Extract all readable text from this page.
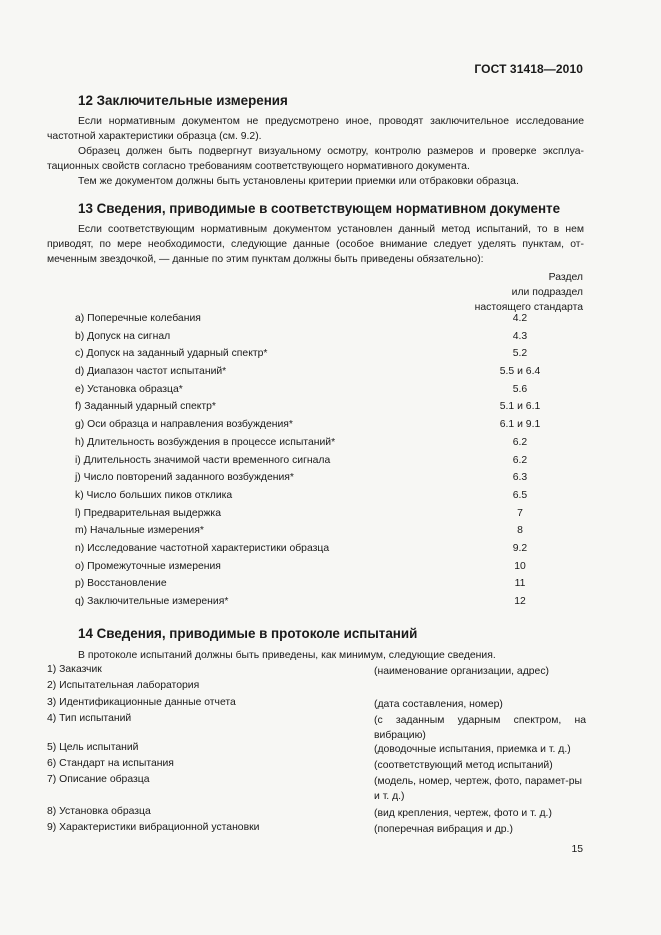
ГОСТ 31418—2010
12 Заключительные измерения

Если нормативным документом не предусмотрено иное, проводят заключительное исследование частотной характеристики образца (см. 9.2).

Образец должен быть подвергнут визуальному осмотру, контролю размеров и проверке эксплуа-тационных свойств согласно требованиям соответствующего нормативного документа.

Тем же документом должны быть установлены критерии приемки или отбраковки образца.

13 Сведения, приводимые в соответствующем нормативном документе

Если соответствующим нормативным документом установлен данный метод испытаний, то в нем приводят, по мере необходимости, следующие данные (особое внимание следует уделять пунктам, от-меченным звездочкой, — данные по этим пунктам должны быть приведены обязательно):

Раздел
или подраздел
настоящего стандарта
a) Поперечные колебания	4.2
b) Допуск на сигнал	4.3
c) Допуск на заданный ударный спектр*	5.2
d) Диапазон частот испытаний*	5.5 и 6.4
e) Установка образца*	5.6
f) Заданный ударный спектр*	5.1 и 6.1
g) Оси образца и направления возбуждения*	6.1 и 9.1
h) Длительность возбуждения в процессе испытаний*	6.2
i) Длительность значимой части временного сигнала	6.2
j) Число повторений заданного возбуждения*	6.3
k) Число больших пиков отклика	6.5
l) Предварительная выдержка	7
m) Начальные измерения*	8
n) Исследование частотной характеристики образца	9.2
o) Промежуточные измерения	10
p) Восстановление	11
q) Заключительные измерения*	12
14 Сведения, приводимые в протоколе испытаний

В протоколе испытаний должны быть приведены, как минимум, следующие сведения.

1) Заказчик	(наименование организации, адрес)
2) Испытательная лаборатория
3) Идентификационные данные отчета	(дата составления, номер)
4) Тип испытаний	(с заданным ударным спектром, на вибрацию)
5) Цель испытаний	(доводочные испытания, приемка и т. д.)
6) Стандарт на испытания	(соответствующий метод испытаний)
7) Описание образца	(модель, номер, чертеж, фото, парамет-ры и т. д.)
8) Установка образца	(вид крепления, чертеж, фото и т. д.)
9) Характеристики вибрационной установки	(поперечная вибрация и др.)
15
